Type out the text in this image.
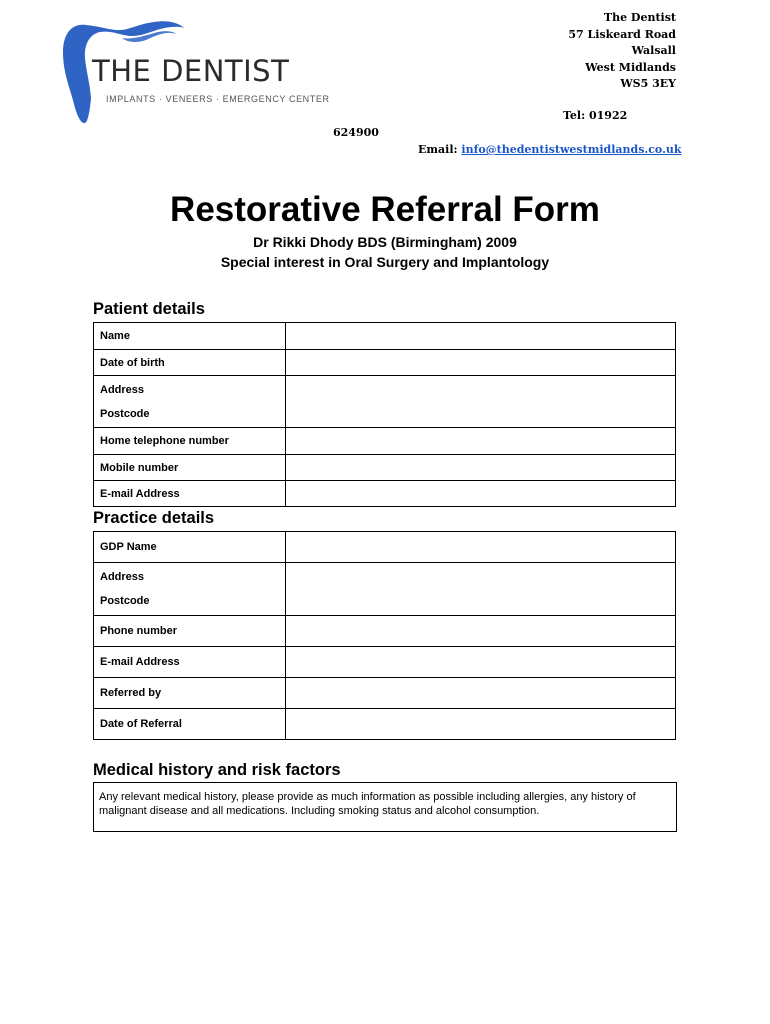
THE DENTIST
IMPLANTS · VENEERS · EMERGENCY CENTER
The Dentist
57 Liskeard Road
Walsall
West Midlands
WS5 3EY
Tel: 01922
624900
Email: info@thedentistwestmidlands.co.uk
Restorative Referral Form
Dr Rikki Dhody BDS (Birmingham) 2009
Special interest in Oral Surgery and Implantology
Patient details
Name	
Date of birth	

Address
Postcode	

Home telephone number	
Mobile number	
E-mail Address	
Practice details
GDP Name	

Address
Postcode	

Phone number	
E-mail Address	
Referred by	
Date of Referral	
Medical history and risk factors
Any relevant medical history, please provide as much information as possible including allergies, any history of malignant disease and all medications. Including smoking status and alcohol consumption.
